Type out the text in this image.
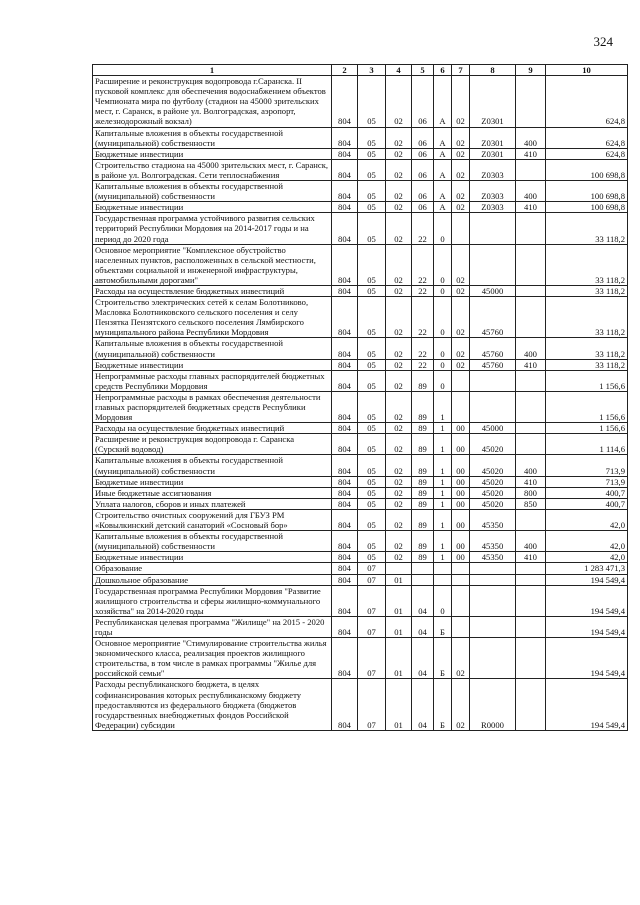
324
1	2	3	4	5	6	7	8	9	10
Расширение и реконструкция водопровода г.Саранска. II пусковой комплекс для обеспечения водоснабжением объектов Чемпионата мира по футболу (стадион на 45000 зрительских мест, г. Саранск, в районе ул. Волгоградская, аэропорт, железнодорожный вокзал)	804	05	02	06	А	02	Z0301		624,8
Капитальные вложения в объекты государственной (муниципальной) собственности	804	05	02	06	А	02	Z0301	400	624,8
Бюджетные инвестиции	804	05	02	06	А	02	Z0301	410	624,8
Строительство стадиона на 45000 зрительских мест, г. Саранск, в районе ул. Волгоградская. Сети теплоснабжения	804	05	02	06	А	02	Z0303		100 698,8
Капитальные вложения в объекты государственной (муниципальной) собственности	804	05	02	06	А	02	Z0303	400	100 698,8
Бюджетные инвестиции	804	05	02	06	А	02	Z0303	410	100 698,8
Государственная программа устойчивого развития сельских территорий Республики Мордовия на 2014-2017 годы и на период до 2020 года	804	05	02	22	0				33 118,2
Основное мероприятие "Комплексное обустройство населенных пунктов, расположенных в сельской местности, объектами социальной и инженерной инфраструктуры, автомобильными дорогами"	804	05	02	22	0	02			33 118,2
Расходы на осуществление бюджетных инвестиций	804	05	02	22	0	02	45000		33 118,2
Строительство электрических сетей к селам Болотниково, Масловка Болотниковского сельского поселения и селу Пензятка Пензятского сельского поселения Лямбирского муниципального района Республики Мордовия	804	05	02	22	0	02	45760		33 118,2
Капитальные вложения в объекты государственной (муниципальной) собственности	804	05	02	22	0	02	45760	400	33 118,2
Бюджетные инвестиции	804	05	02	22	0	02	45760	410	33 118,2
Непрограммные расходы главных распорядителей бюджетных средств Республики Мордовия	804	05	02	89	0				1 156,6
Непрограммные расходы в рамках обеспечения деятельности главных распорядителей бюджетных средств Республики Мордовия	804	05	02	89	1				1 156,6
Расходы на осуществление бюджетных инвестиций	804	05	02	89	1	00	45000		1 156,6
Расширение и реконструкция водопровода г. Саранска (Сурский водовод)	804	05	02	89	1	00	45020		1 114,6
Капитальные вложения в объекты государственной (муниципальной) собственности	804	05	02	89	1	00	45020	400	713,9
Бюджетные инвестиции	804	05	02	89	1	00	45020	410	713,9
Иные бюджетные ассигнования	804	05	02	89	1	00	45020	800	400,7
Уплата налогов, сборов и иных платежей	804	05	02	89	1	00	45020	850	400,7
Строительство очистных сооружений для ГБУЗ РМ «Ковылкинский детский санаторий «Сосновый бор»	804	05	02	89	1	00	45350		42,0
Капитальные вложения в объекты государственной (муниципальной) собственности	804	05	02	89	1	00	45350	400	42,0
Бюджетные инвестиции	804	05	02	89	1	00	45350	410	42,0
Образование	804	07							1 283 471,3
Дошкольное образование	804	07	01						194 549,4
Государственная программа Республики Мордовия "Развитие жилищного строительства и сферы жилищно-коммунального хозяйства" на 2014-2020 годы	804	07	01	04	0				194 549,4
Республиканская целевая программа "Жилище" на 2015 - 2020 годы	804	07	01	04	Б				194 549,4
Основное мероприятие "Стимулирование строительства жилья экономического класса, реализация проектов жилищного строительства, в том числе в рамках программы "Жилье для российской семьи"	804	07	01	04	Б	02			194 549,4
Расходы республиканского бюджета, в целях софинансирования которых республиканскому бюджету предоставляются из федерального бюджета (бюджетов государственных внебюджетных фондов Российской Федерации) субсидии	804	07	01	04	Б	02	R0000		194 549,4
